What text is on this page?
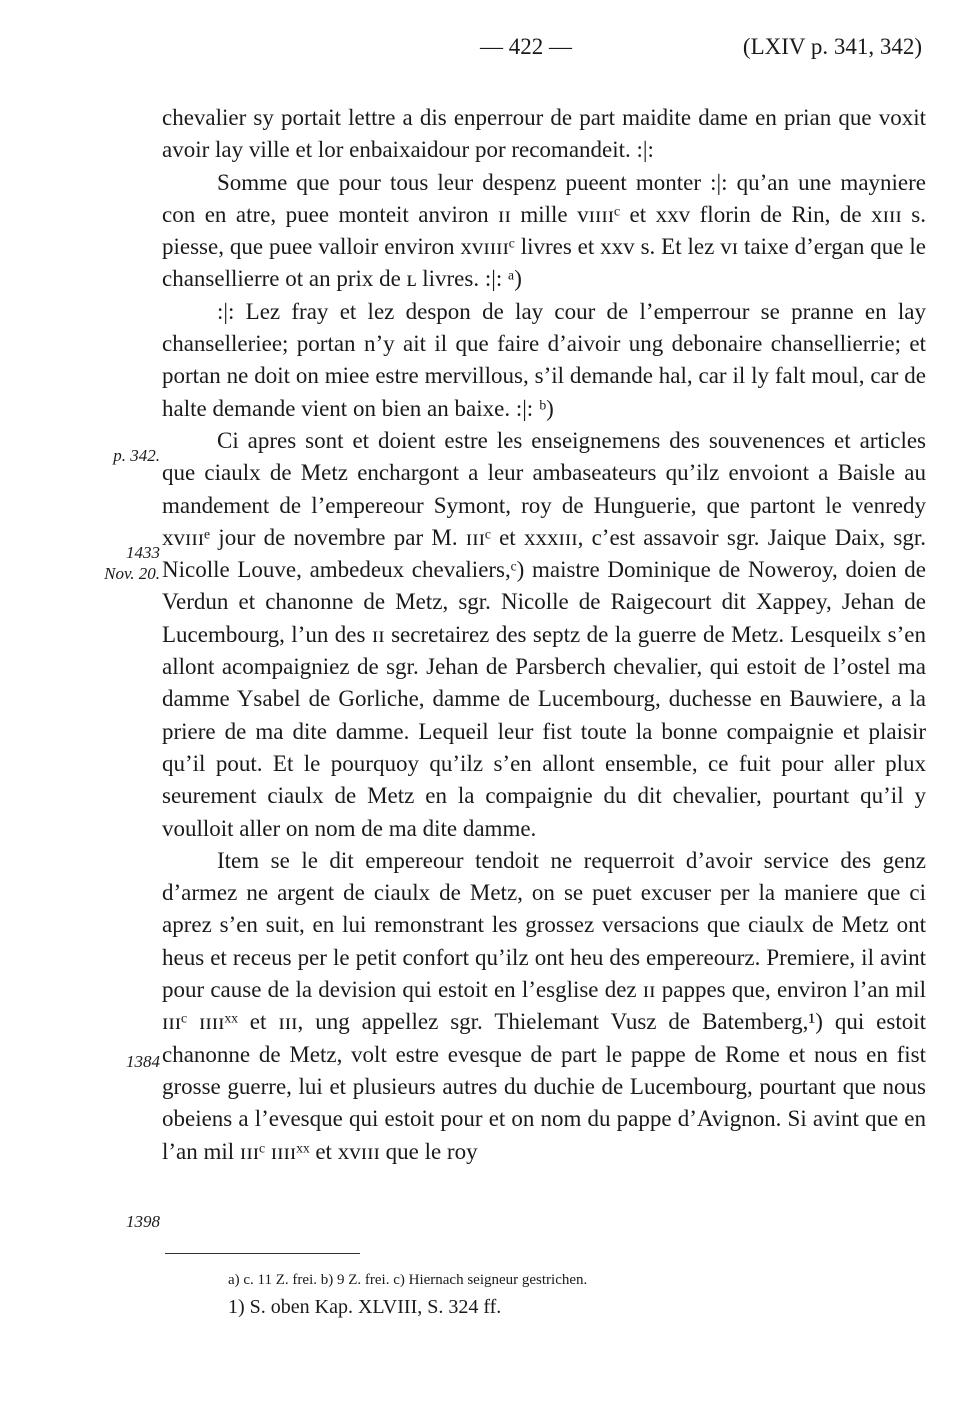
— 422 —	(LXIV p. 341, 342)
p. 342.
1433
Nov. 20.
1384
1398

chevalier sy portait lettre a dis enperrour de part maidite dame en prian que voxit avoir lay ville et lor enbaixaidour por recomandeit. :|:

Somme que pour tous leur despenz pueent monter :|: qu’an une mayniere con en atre, puee monteit anviron ɪɪ mille ᴠɪɪɪɪᶜ et xxv florin de Rin, de xɪɪɪ s. piesse, que puee valloir environ xᴠɪɪɪɪᶜ livres et xxv s. Et lez ᴠɪ taixe d’ergan que le chansellierre ot an prix de ʟ livres. :|: ᵃ)

:|: Lez fray et lez despon de lay cour de l’emperrour se pranne en lay chanselleriee; portan n’y ait il que faire d’aivoir ung debonaire chansellierrie; et portan ne doit on miee estre mervillous, s’il demande hal, car il ly falt moul, car de halte demande vient on bien an baixe. :|: ᵇ)

Ci apres sont et doient estre les enseignemens des souvenences et articles que ciaulx de Metz enchargont a leur ambaseateurs qu’ilz envoiont a Baisle au mandement de l’empereour Symont, roy de Hunguerie, que partont le venredy xᴠɪɪɪᵉ jour de novembre par M. ɪɪɪᶜ et xxxɪɪɪ, c’est assavoir sgr. Jaique Daix, sgr. Nicolle Louve, ambedeux chevaliers,ᶜ) maistre Dominique de Noweroy, doien de Verdun et chanonne de Metz, sgr. Nicolle de Raigecourt dit Xappey, Jehan de Lucembourg, l’un des ɪɪ secretairez des septz de la guerre de Metz. Lesqueilx s’en allont acompaigniez de sgr. Jehan de Parsberch chevalier, qui estoit de l’ostel ma damme Ysabel de Gorliche, damme de Lucembourg, duchesse en Bauwiere, a la priere de ma dite damme. Lequeil leur fist toute la bonne compaignie et plaisir qu’il pout. Et le pourquoy qu’ilz s’en allont ensemble, ce fuit pour aller plux seurement ciaulx de Metz en la compaignie du dit chevalier, pourtant qu’il y voulloit aller on nom de ma dite damme.

Item se le dit empereour tendoit ne requerroit d’avoir service des genz d’armez ne argent de ciaulx de Metz, on se puet excuser per la maniere que ci aprez s’en suit, en lui remonstrant les grossez versacions que ciaulx de Metz ont heus et receus per le petit confort qu’ilz ont heu des empereourz. Premiere, il avint pour cause de la devision qui estoit en l’esglise dez ɪɪ pappes que, environ l’an mil ɪɪɪᶜ ɪɪɪɪˣˣ et ɪɪɪ, ung appellez sgr. Thielemant Vusz de Batemberg,¹) qui estoit chanonne de Metz, volt estre evesque de part le pappe de Rome et nous en fist grosse guerre, lui et plusieurs autres du duchie de Lucembourg, pourtant que nous obeiens a l’evesque qui estoit pour et on nom du pappe d’Avignon. Si avint que en l’an mil ɪɪɪᶜ ɪɪɪɪˣˣ et xᴠɪɪɪ que le roy

a) c. 11 Z. frei. b) 9 Z. frei. c) Hiernach seigneur gestrichen.

1) S. oben Kap. XLVIII, S. 324 ff.
